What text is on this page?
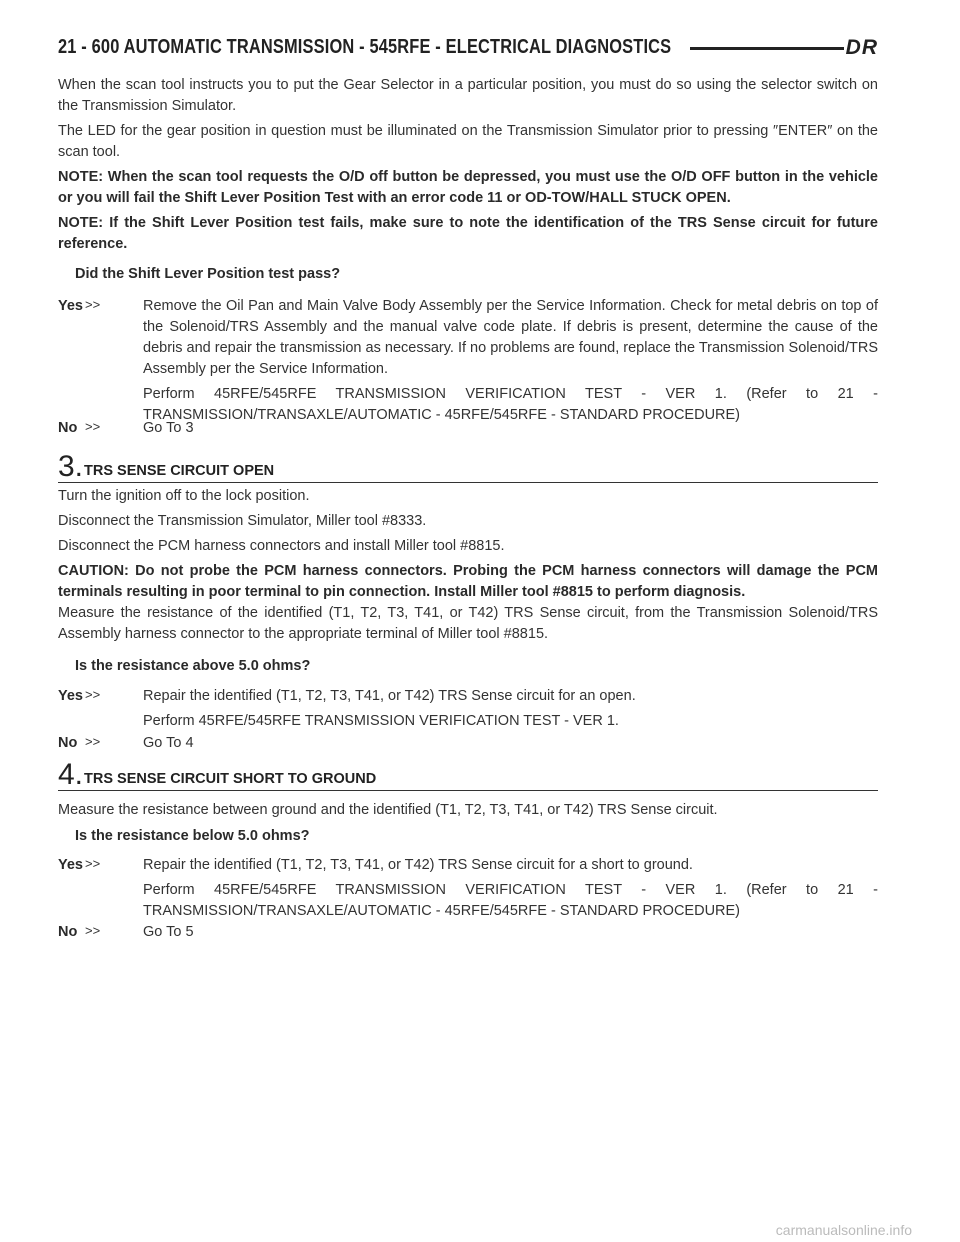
21 - 600 AUTOMATIC TRANSMISSION - 545RFE - ELECTRICAL DIAGNOSTICS	DR

When the scan tool instructs you to put the Gear Selector in a particular position, you must do so using the selector switch on the Transmission Simulator.

The LED for the gear position in question must be illuminated on the Transmission Simulator prior to pressing ″ENTER″ on the scan tool.

NOTE: When the scan tool requests the O/D off button be depressed, you must use the O/D OFF button in the vehicle or you will fail the Shift Lever Position Test with an error code 11 or OD-TOW/HALL STUCK OPEN.

NOTE: If the Shift Lever Position test fails, make sure to note the identification of the TRS Sense circuit for future reference.

Did the Shift Lever Position test pass?
Yes >>	Remove the Oil Pan and Main Valve Body Assembly per the Service Information. Check for metal debris on top of the Solenoid/TRS Assembly and the manual valve code plate. If debris is present, determine the cause of the debris and repair the transmission as necessary. If no problems are found, replace the Transmission Solenoid/TRS Assembly per the Service Information.

Perform 45RFE/545RFE TRANSMISSION VERIFICATION TEST - VER 1. (Refer to 21 - TRANSMISSION/TRANSAXLE/AUTOMATIC - 45RFE/545RFE - STANDARD PROCEDURE)

No >>	Go To 3
3. TRS SENSE CIRCUIT OPEN

Turn the ignition off to the lock position.

Disconnect the Transmission Simulator, Miller tool #8333.

Disconnect the PCM harness connectors and install Miller tool #8815.

CAUTION: Do not probe the PCM harness connectors. Probing the PCM harness connectors will damage the PCM terminals resulting in poor terminal to pin connection. Install Miller tool #8815 to perform diagnosis.

Measure the resistance of the identified (T1, T2, T3, T41, or T42) TRS Sense circuit, from the Transmission Solenoid/TRS Assembly harness connector to the appropriate terminal of Miller tool #8815.

Is the resistance above 5.0 ohms?
Yes >>	Repair the identified (T1, T2, T3, T41, or T42) TRS Sense circuit for an open.

Perform 45RFE/545RFE TRANSMISSION VERIFICATION TEST - VER 1.

No >>	Go To 4
4. TRS SENSE CIRCUIT SHORT TO GROUND

Measure the resistance between ground and the identified (T1, T2, T3, T41, or T42) TRS Sense circuit.

Is the resistance below 5.0 ohms?
Yes >>	Repair the identified (T1, T2, T3, T41, or T42) TRS Sense circuit for a short to ground.

Perform 45RFE/545RFE TRANSMISSION VERIFICATION TEST - VER 1. (Refer to 21 - TRANSMISSION/TRANSAXLE/AUTOMATIC - 45RFE/545RFE - STANDARD PROCEDURE)

No >>	Go To 5
carmanualsonline.info
